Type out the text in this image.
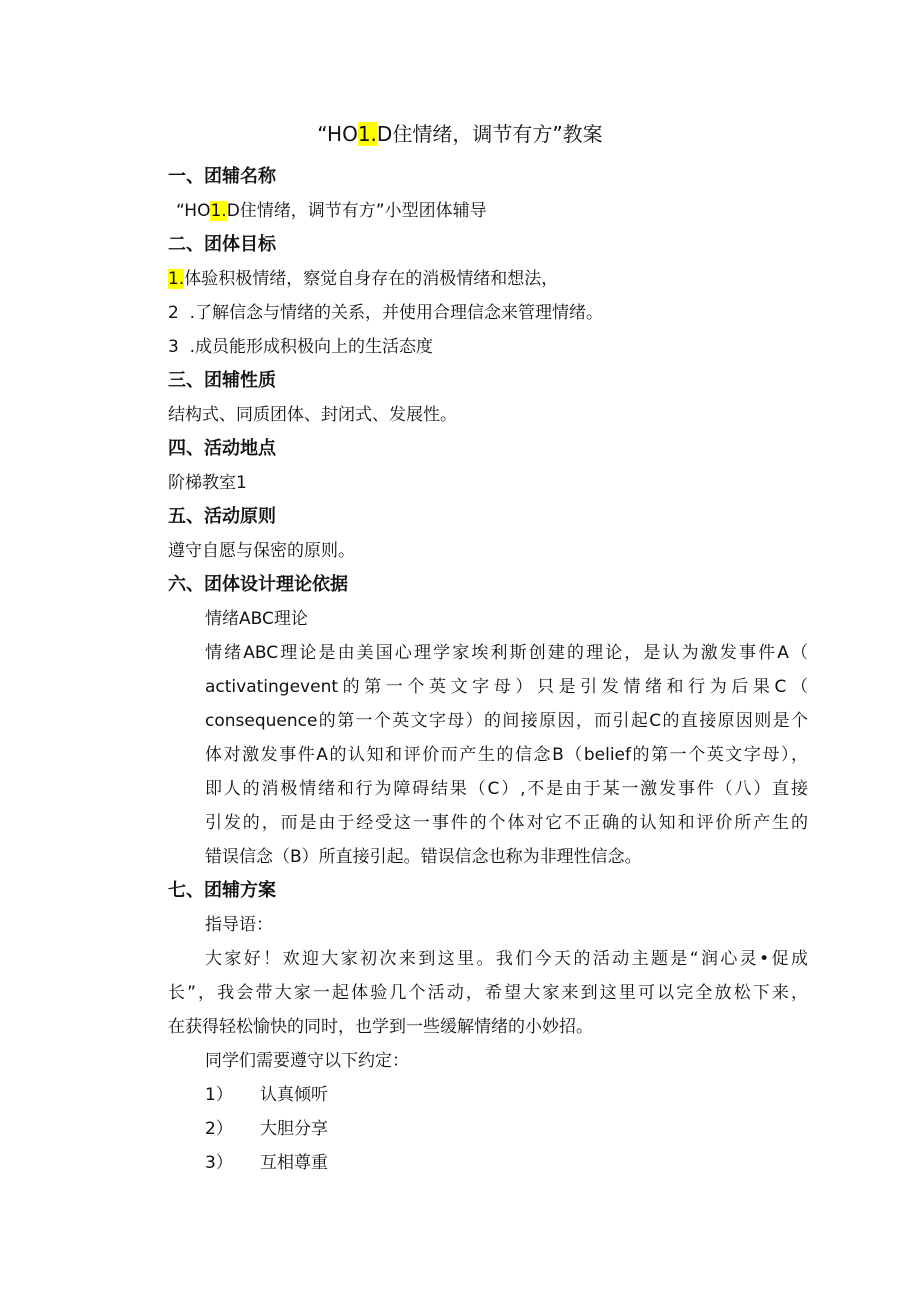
“HO1.D住情绪，调节有方”教案
一、团辅名称
“HO1.D住情绪，调节有方”小型团体辅导
二、团体目标
1.体验积极情绪，察觉自身存在的消极情绪和想法，
2  .了解信念与情绪的关系，并使用合理信念来管理情绪。
3  .成员能形成积极向上的生活态度
三、团辅性质
结构式、同质团体、封闭式、发展性。
四、活动地点
阶梯教室1
五、活动原则
遵守自愿与保密的原则。
六、团体设计理论依据
情绪ABC理论
情绪ABC理论是由美国心理学家埃利斯创建的理论，是认为激发事件A（
activatingevent的第一个英文字母）只是引发情绪和行为后果C（
consequence的第一个英文字母）的间接原因，而引起C的直接原因则是个
体对激发事件A的认知和评价而产生的信念B（belief的第一个英文字母），
即人的消极情绪和行为障碍结果（C）,不是由于某一激发事件（八）直接
引发的，而是由于经受这一事件的个体对它不正确的认知和评价所产生的
错误信念（B）所直接引起。错误信念也称为非理性信念。
七、团辅方案
指导语：
大家好！欢迎大家初次来到这里。我们今天的活动主题是“润心灵•促成
长”，我会带大家一起体验几个活动，希望大家来到这里可以完全放松下来，
在获得轻松愉快的同时，也学到一些缓解情绪的小妙招。
同学们需要遵守以下约定：
1） 认真倾听
2） 大胆分享
3） 互相尊重
